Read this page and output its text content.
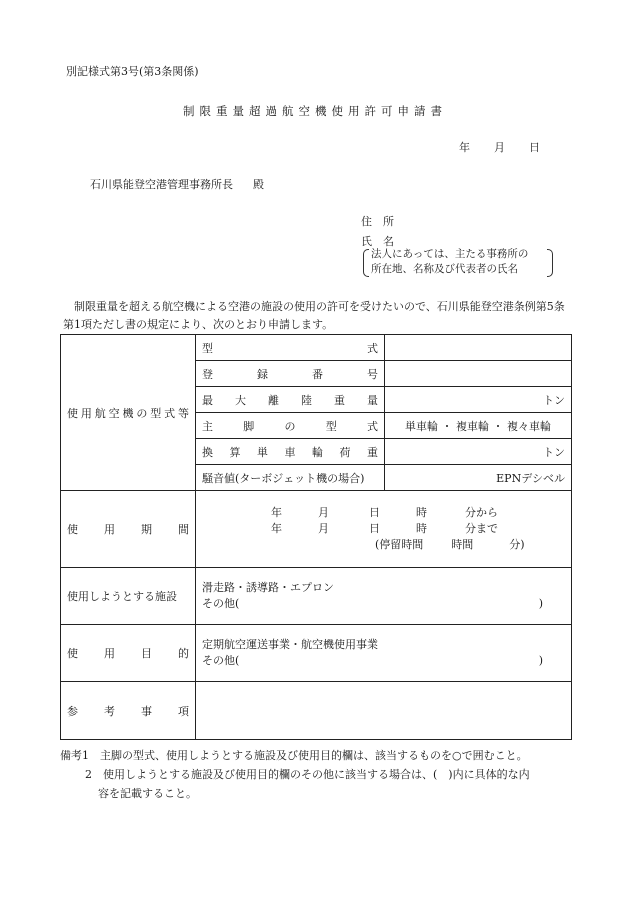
別記様式第3号(第3条関係)
制限重量超過航空機使用許可申請書
年 月 日
石川県能登空港管理事務所長 殿
住　所
氏　名
法人にあっては、主たる事務所の
所在地、名称及び代表者の氏名
制限重量を超える航空機による空港の施設の使用の許可を受けたいので、石川県能登空港条例第5条第1項ただし書の規定により、次のとおり申請します。
使用航空機の型式等	型式	
	登録番号	
	最大離陸重量	トン
	主脚の型式	単車輪 ・ 複車輪 ・ 複々車輪
	換算単車輪荷重	トン
	騒音値(ターボジェット機の場合)	EPNデシベル
使用期間	年 月 日 時 分から
年 月 日 時 分まで
(停留時間 時間 分)	

使用しようとする施設	滑走路・誘導路・エプロン
その他( )	

使用目的	定期航空運送事業・航空機使用事業
その他( )	

参考事項		
備考1　主脚の型式、使用しようとする施設及び使用目的欄は、該当するものを○で囲むこと。
2　使用しようとする施設及び使用目的欄のその他に該当する場合は、(　)内に具体的な内
容を記載すること。
